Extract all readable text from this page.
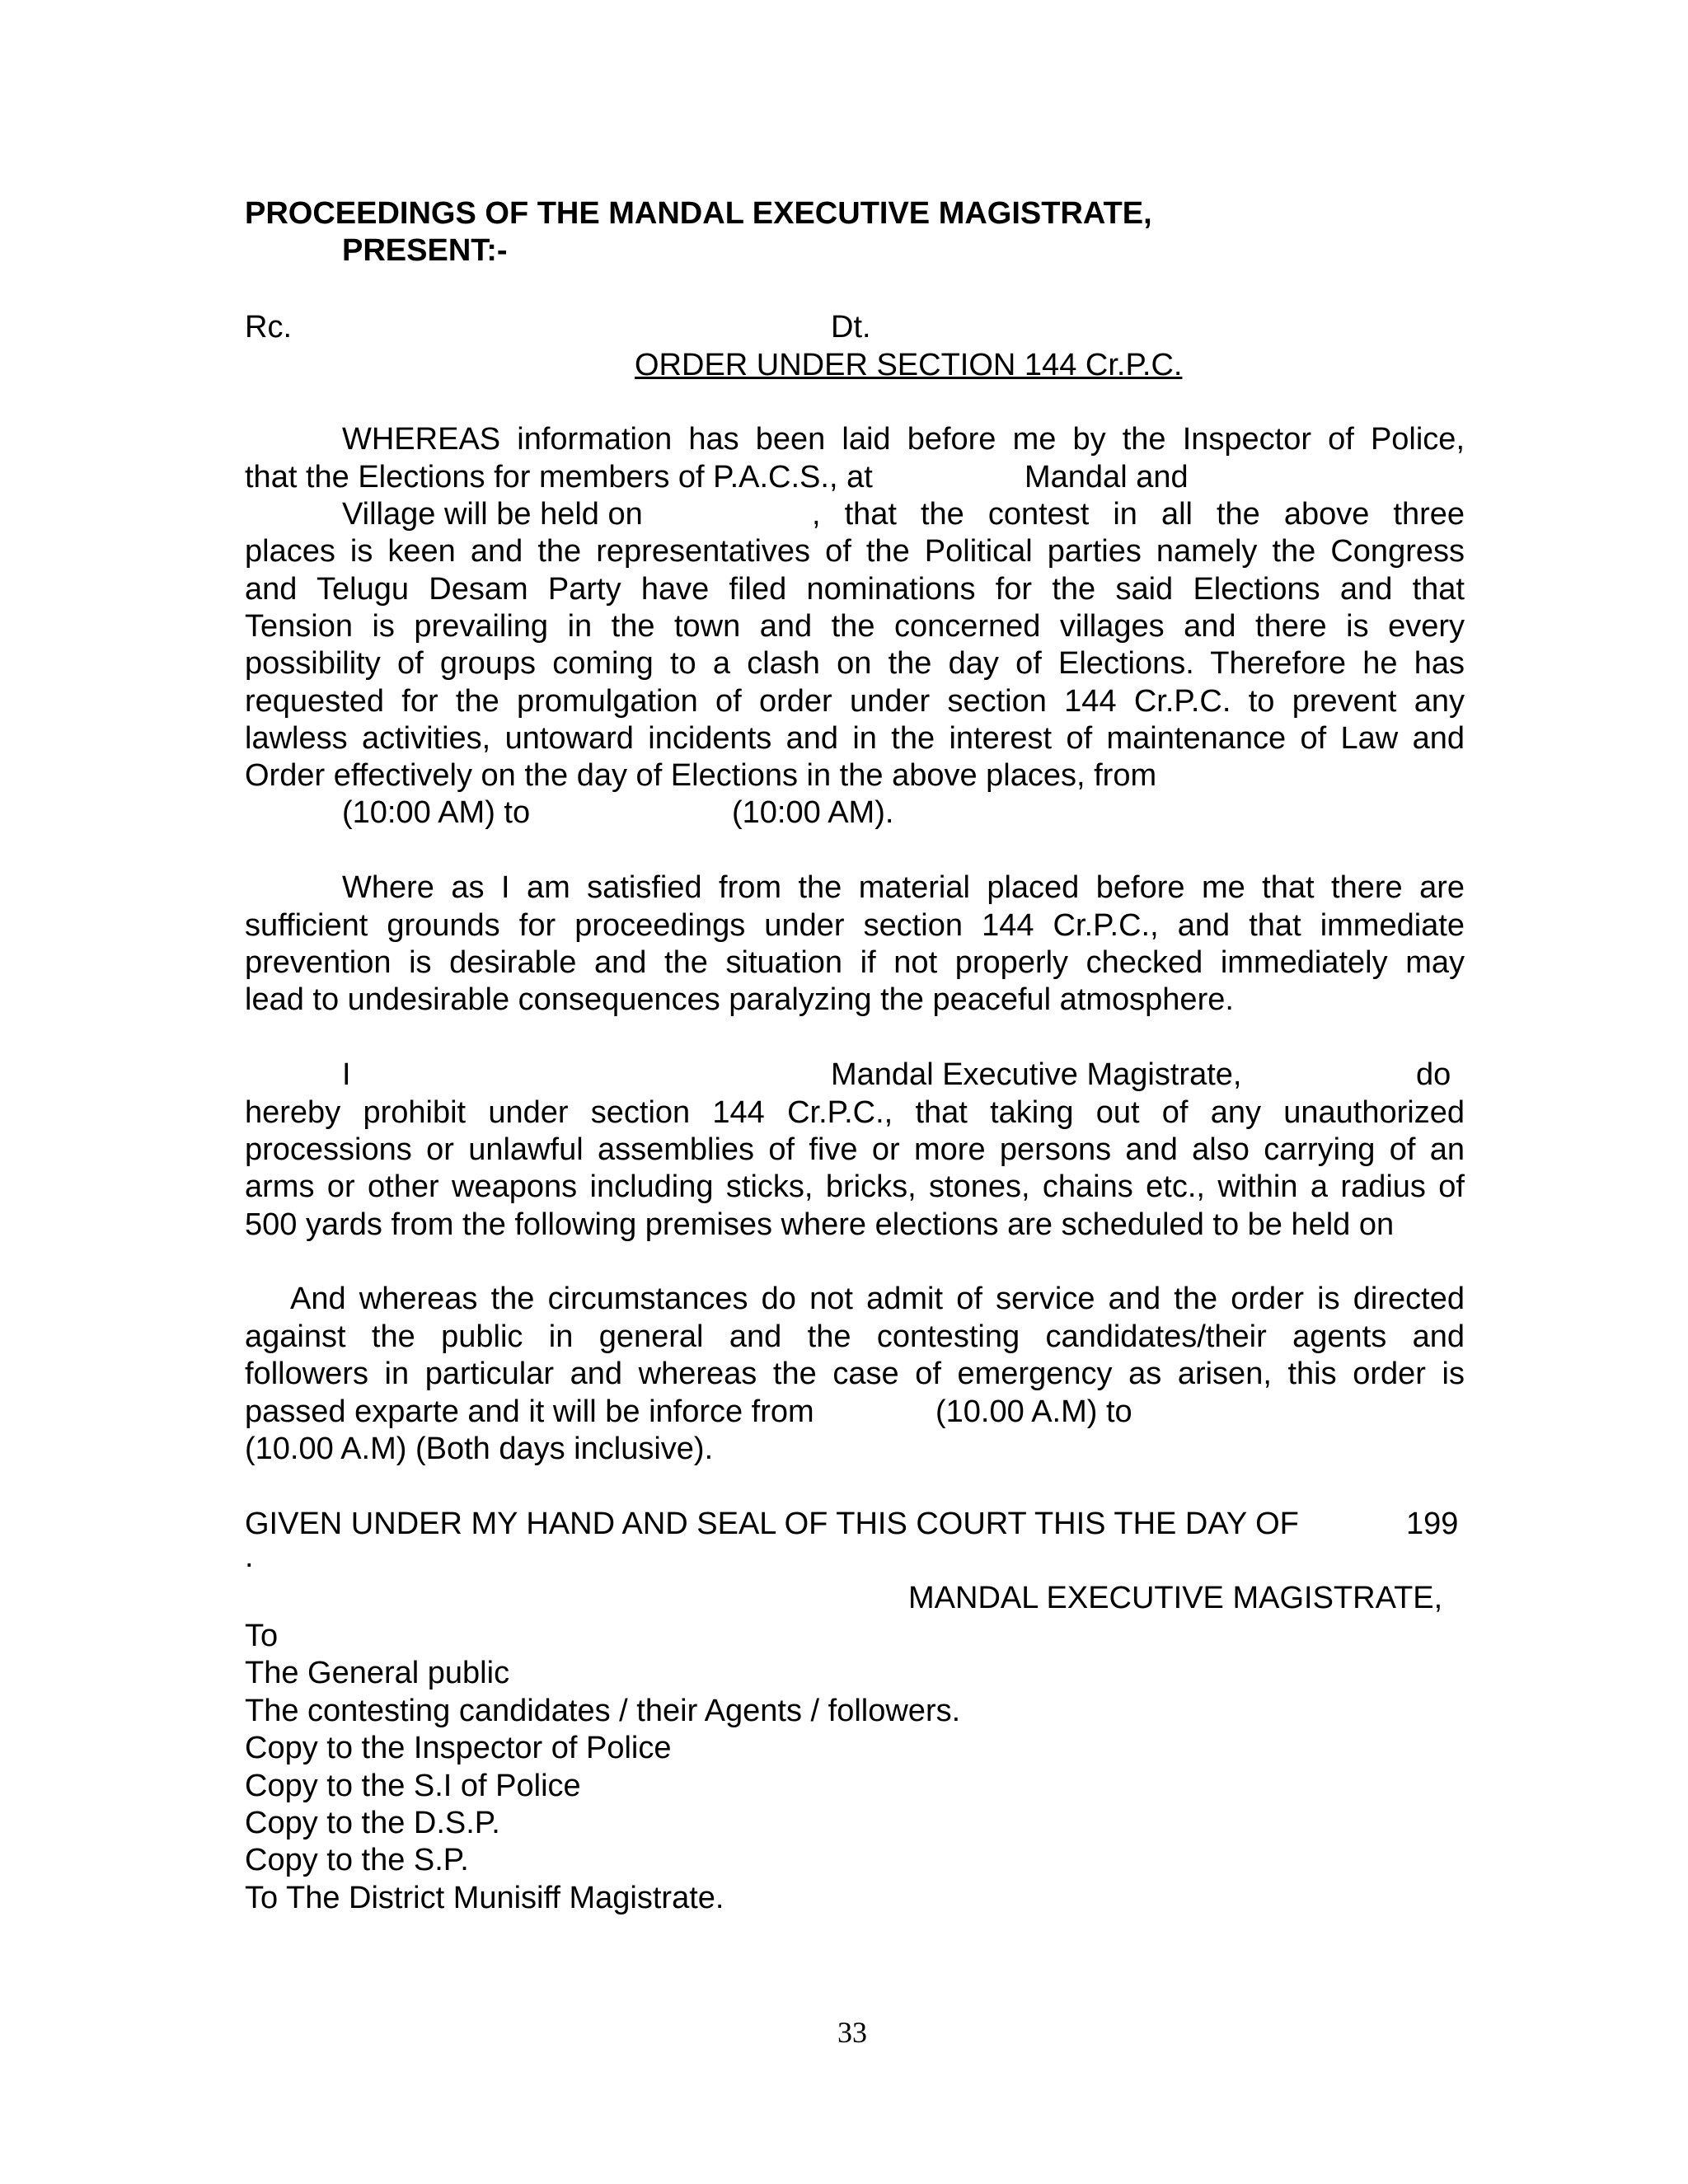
PROCEEDINGS OF THE MANDAL EXECUTIVE MAGISTRATE,
PRESENT:-
Rc.	Dt.
ORDER UNDER SECTION 144 Cr.P.C.
WHEREAS information has been laid before me by the Inspector of Police,
that the Elections for members of P.A.C.S., at	Mandal and
Village will be held on	, that the contest in all the above three
places is keen and the representatives of the Political parties namely the Congress
and Telugu Desam Party have filed nominations for the said Elections and that
Tension is prevailing in the town and the concerned villages and there is every
possibility of groups coming to a clash on the day of Elections. Therefore he has
requested for the promulgation of order under section 144 Cr.P.C. to prevent any
lawless activities, untoward incidents and in the interest of maintenance of Law and
Order effectively on the day of Elections in the above places, from
(10:00 AM) to	(10:00 AM).
Where as I am satisfied from the material placed before me that there are
sufficient grounds for proceedings under section 144 Cr.P.C., and that immediate
prevention is desirable and the situation if not properly checked immediately may
lead to undesirable consequences paralyzing the peaceful atmosphere.
I	Mandal Executive Magistrate,	do
hereby prohibit under section 144 Cr.P.C., that taking out of any unauthorized
processions or unlawful assemblies of five or more persons and also carrying of an
arms or other weapons including sticks, bricks, stones, chains etc., within a radius of
500 yards from the following premises where elections are scheduled to be held on
And whereas the circumstances do not admit of service and the order is directed
against the public in general and the contesting candidates/their agents and
followers in particular and whereas the case of emergency as arisen, this order is
passed exparte and it will be inforce from	(10.00 A.M) to
(10.00 A.M) (Both days inclusive).
GIVEN UNDER MY HAND AND SEAL OF THIS COURT THIS THE DAY OF	199
.
MANDAL EXECUTIVE MAGISTRATE,
To
The General public
The contesting candidates / their Agents / followers.
Copy to the Inspector of Police
Copy to the S.I of Police
Copy to the D.S.P.
Copy to the S.P.
To The District Munisiff Magistrate.
33
